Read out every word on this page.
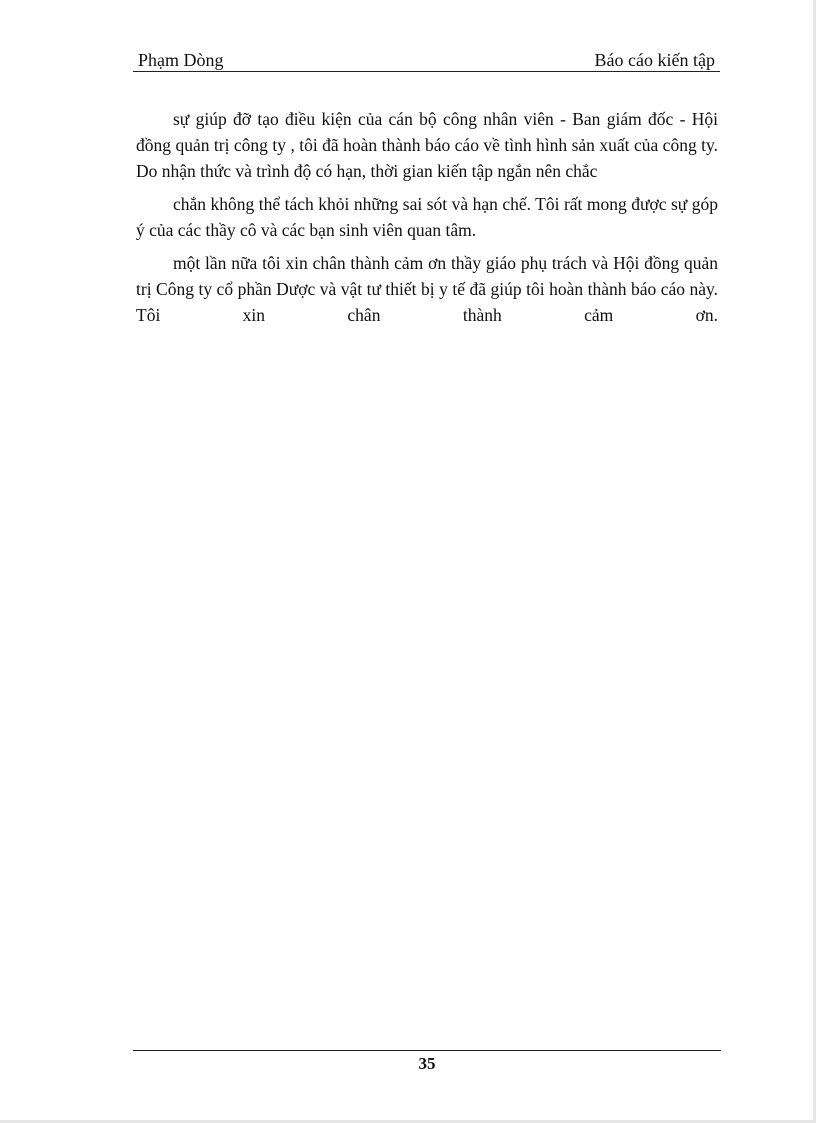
Phạm Dòng	Báo cáo kiến tập

sự giúp đỡ tạo điều kiện của cán bộ công nhân viên - Ban giám đốc - Hội đồng quản trị công ty , tôi đã hoàn thành báo cáo về tình hình sản xuất của công ty. Do nhận thức và trình độ có hạn, thời gian kiến tập ngắn nên chắc

chắn không thể tách khỏi những sai sót và hạn chế. Tôi rất mong được sự góp ý của các thầy cô và các bạn sinh viên quan tâm.

một lần nữa tôi xin chân thành cảm ơn thầy giáo phụ trách và Hội đồng quản trị Công ty cổ phần Dược và vật tư thiết bị y tế đã giúp tôi hoàn thành báo cáo này. Tôi xin chân thành cảm ơn.

35
